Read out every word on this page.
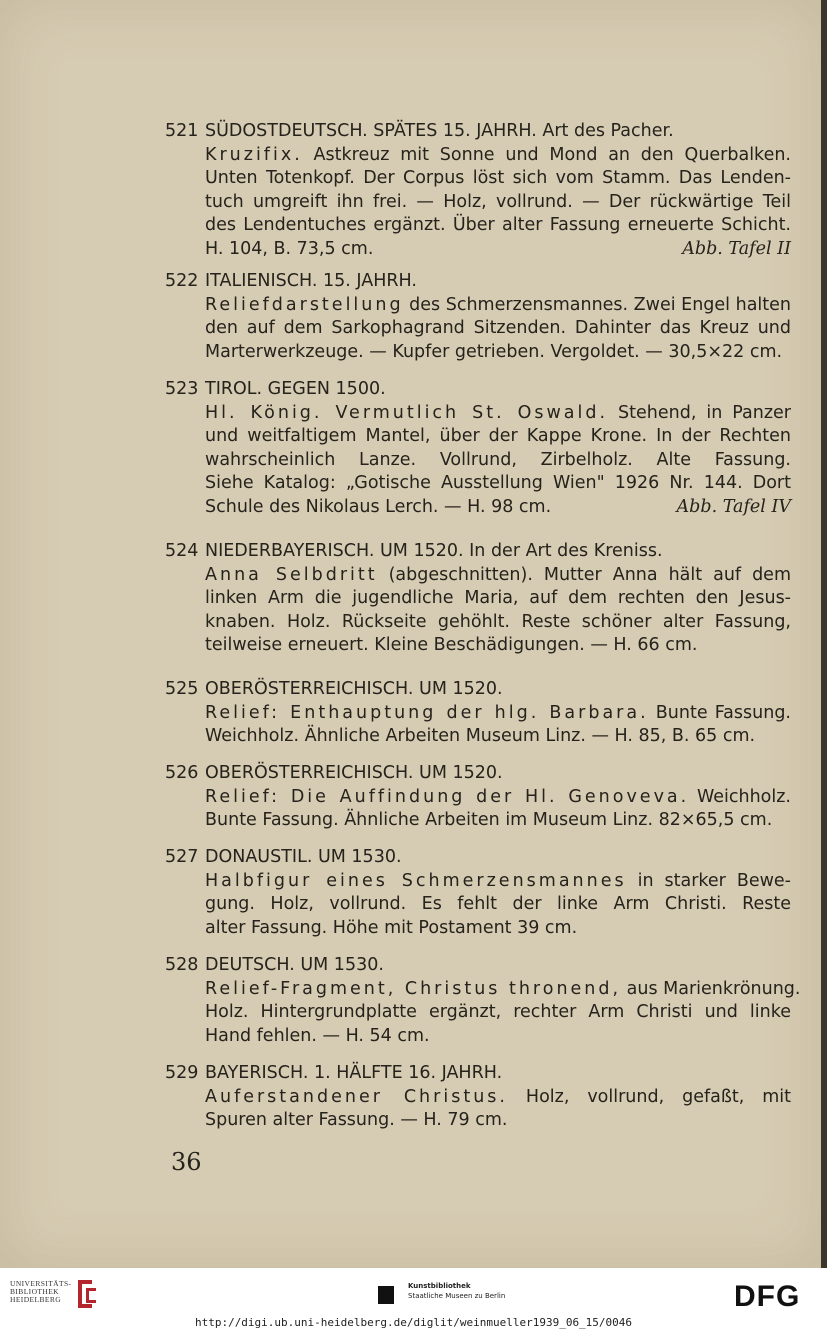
521 SÜDOSTDEUTSCH. SPÄTES 15. JAHRH. Art des Pacher.
Kruzifix. Astkreuz mit Sonne und Mond an den Querbalken.
Unten Totenkopf. Der Corpus löst sich vom Stamm. Das Lenden-
tuch umgreift ihn frei. — Holz, vollrund. — Der rückwärtige Teil
des Lendentuches ergänzt. Über alter Fassung erneuerte Schicht.
H. 104, B. 73,5 cm.	Abb. Tafel II
522 ITALIENISCH. 15. JAHRH.
Reliefdarstellung des Schmerzensmannes. Zwei Engel halten
den auf dem Sarkophagrand Sitzenden. Dahinter das Kreuz und
Marterwerkzeuge. — Kupfer getrieben. Vergoldet. — 30,5×22 cm.
523 TIROL. GEGEN 1500.
Hl. König. Vermutlich St. Oswald. Stehend, in Panzer
und weitfaltigem Mantel, über der Kappe Krone. In der Rechten
wahrscheinlich Lanze. Vollrund, Zirbelholz. Alte Fassung.
Siehe Katalog: „Gotische Ausstellung Wien" 1926 Nr. 144. Dort
Schule des Nikolaus Lerch. — H. 98 cm.	Abb. Tafel IV
524 NIEDERBAYERISCH. UM 1520. In der Art des Kreniss.
Anna Selbdritt (abgeschnitten). Mutter Anna hält auf dem
linken Arm die jugendliche Maria, auf dem rechten den Jesus-
knaben. Holz. Rückseite gehöhlt. Reste schöner alter Fassung,
teilweise erneuert. Kleine Beschädigungen. — H. 66 cm.
525 OBERÖSTERREICHISCH. UM 1520.
Relief: Enthauptung der hlg. Barbara. Bunte Fassung.
Weichholz. Ähnliche Arbeiten Museum Linz. — H. 85, B. 65 cm.
526 OBERÖSTERREICHISCH. UM 1520.
Relief: Die Auffindung der Hl. Genoveva. Weichholz.
Bunte Fassung. Ähnliche Arbeiten im Museum Linz. 82×65,5 cm.
527 DONAUSTIL. UM 1530.
Halbfigur eines Schmerzensmannes in starker Bewe-
gung. Holz, vollrund. Es fehlt der linke Arm Christi. Reste
alter Fassung. Höhe mit Postament 39 cm.
528 DEUTSCH. UM 1530.
Relief-Fragment, Christus thronend, aus Marienkrönung.
Holz. Hintergrundplatte ergänzt, rechter Arm Christi und linke
Hand fehlen. — H. 54 cm.
529 BAYERISCH. 1. HÄLFTE 16. JAHRH.
Auferstandener Christus. Holz, vollrund, gefaßt, mit
Spuren alter Fassung. — H. 79 cm.
36
UNIVERSITÄTS-
BIBLIOTHEK
HEIDELBERG
Kunstbibliothek
Staatliche Museen zu Berlin	DFG
http://digi.ub.uni-heidelberg.de/diglit/weinmueller1939_06_15/0046
